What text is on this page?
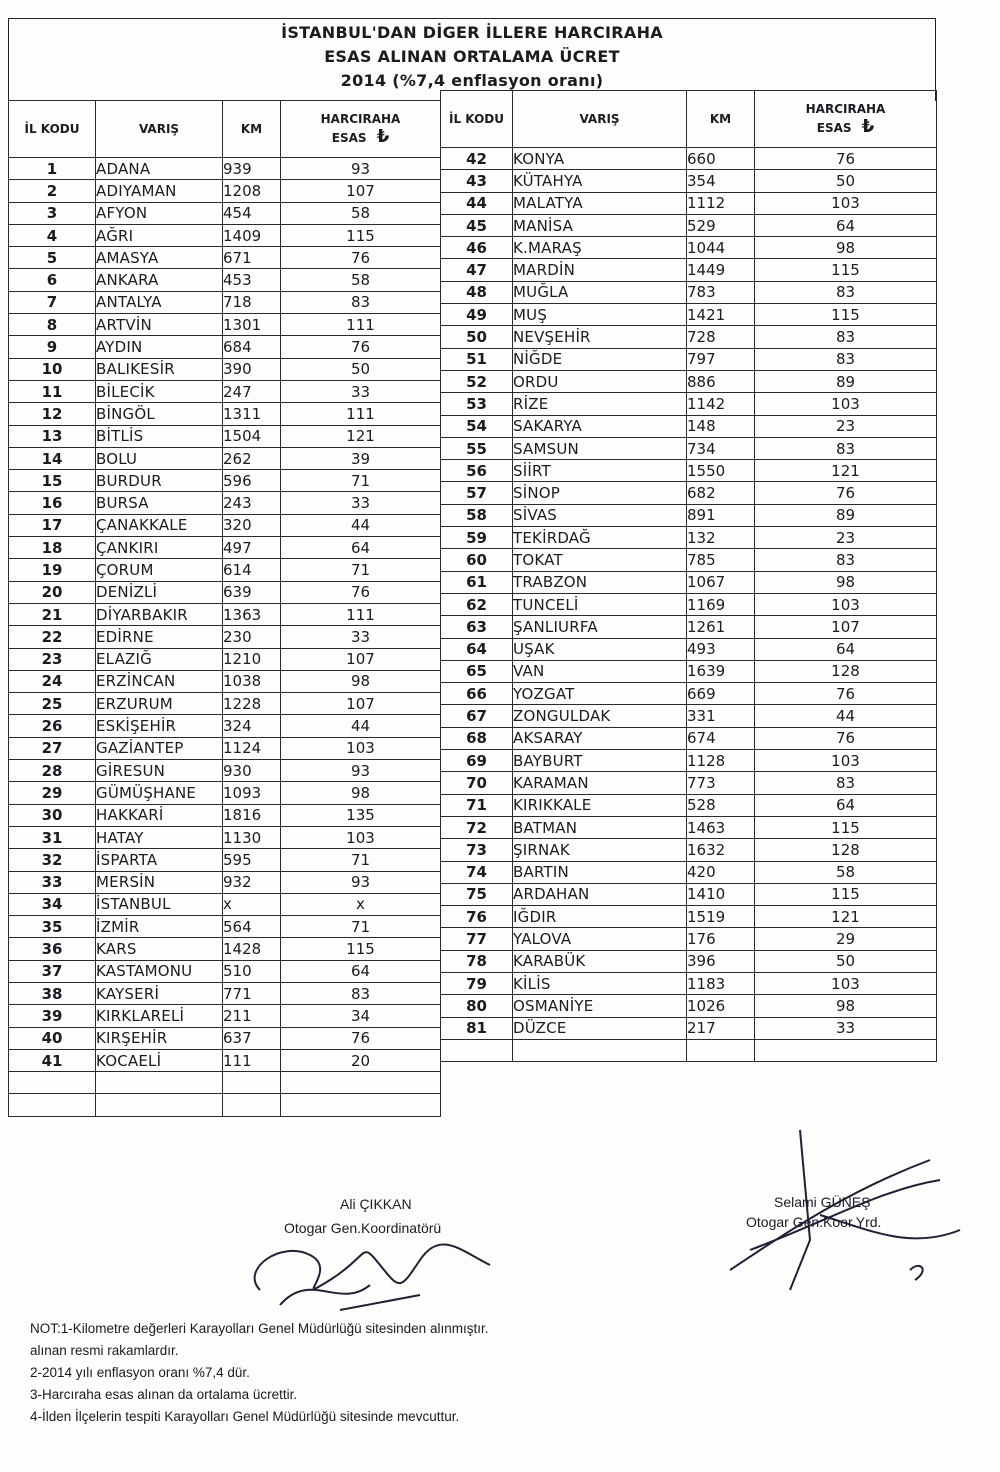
İSTANBUL'DAN DİGER İLLERE HARCIRAHA
ESAS ALINAN ORTALAMA ÜCRET
2014 (%7,4 enflasyon oranı)
İL KODU	VARIŞ	KM	HARCIRAHA
ESAS ₺
1	ADANA	939	93
2	ADIYAMAN	1208	107
3	AFYON	454	58
4	AĞRI	1409	115
5	AMASYA	671	76
6	ANKARA	453	58
7	ANTALYA	718	83
8	ARTVİN	1301	111
9	AYDIN	684	76
10	BALIKESİR	390	50
11	BİLECİK	247	33
12	BİNGÖL	1311	111
13	BİTLİS	1504	121
14	BOLU	262	39
15	BURDUR	596	71
16	BURSA	243	33
17	ÇANAKKALE	320	44
18	ÇANKIRI	497	64
19	ÇORUM	614	71
20	DENİZLİ	639	76
21	DİYARBAKIR	1363	111
22	EDİRNE	230	33
23	ELAZIĞ	1210	107
24	ERZİNCAN	1038	98
25	ERZURUM	1228	107
26	ESKİŞEHİR	324	44
27	GAZİANTEP	1124	103
28	GİRESUN	930	93
29	GÜMÜŞHANE	1093	98
30	HAKKARİ	1816	135
31	HATAY	1130	103
32	İSPARTA	595	71
33	MERSİN	932	93
34	İSTANBUL	x	x
35	İZMİR	564	71
36	KARS	1428	115
37	KASTAMONU	510	64
38	KAYSERİ	771	83
39	KIRKLARELİ	211	34
40	KIRŞEHİR	637	76
41	KOCAELİ	111	20

İL KODU	VARIŞ	KM	HARCIRAHA
ESAS ₺
42	KONYA	660	76
43	KÜTAHYA	354	50
44	MALATYA	1112	103
45	MANİSA	529	64
46	K.MARAŞ	1044	98
47	MARDİN	1449	115
48	MUĞLA	783	83
49	MUŞ	1421	115
50	NEVŞEHİR	728	83
51	NİĞDE	797	83
52	ORDU	886	89
53	RİZE	1142	103
54	SAKARYA	148	23
55	SAMSUN	734	83
56	SİİRT	1550	121
57	SİNOP	682	76
58	SİVAS	891	89
59	TEKİRDAĞ	132	23
60	TOKAT	785	83
61	TRABZON	1067	98
62	TUNCELİ	1169	103
63	ŞANLIURFA	1261	107
64	UŞAK	493	64
65	VAN	1639	128
66	YOZGAT	669	76
67	ZONGULDAK	331	44
68	AKSARAY	674	76
69	BAYBURT	1128	103
70	KARAMAN	773	83
71	KIRIKKALE	528	64
72	BATMAN	1463	115
73	ŞIRNAK	1632	128
74	BARTIN	420	58
75	ARDAHAN	1410	115
76	IĞDIR	1519	121
77	YALOVA	176	29
78	KARABÜK	396	50
79	KİLİS	1183	103
80	OSMANİYE	1026	98
81	DÜZCE	217	33

Ali ÇIKKAN
Otogar Gen.Koordinatörü
Selami GÜNEŞ
Otogar Gen.Koor.Yrd.
NOT:1-Kilometre değerleri Karayolları Genel Müdürlüğü sitesinden alınmıştır.
alınan resmi rakamlardır.
2-2014 yılı enflasyon oranı %7,4 dür.
3-Harcıraha esas alınan da ortalama ücrettir.
4-İlden İlçelerin tespiti Karayolları Genel Müdürlüğü sitesinde mevcuttur.
